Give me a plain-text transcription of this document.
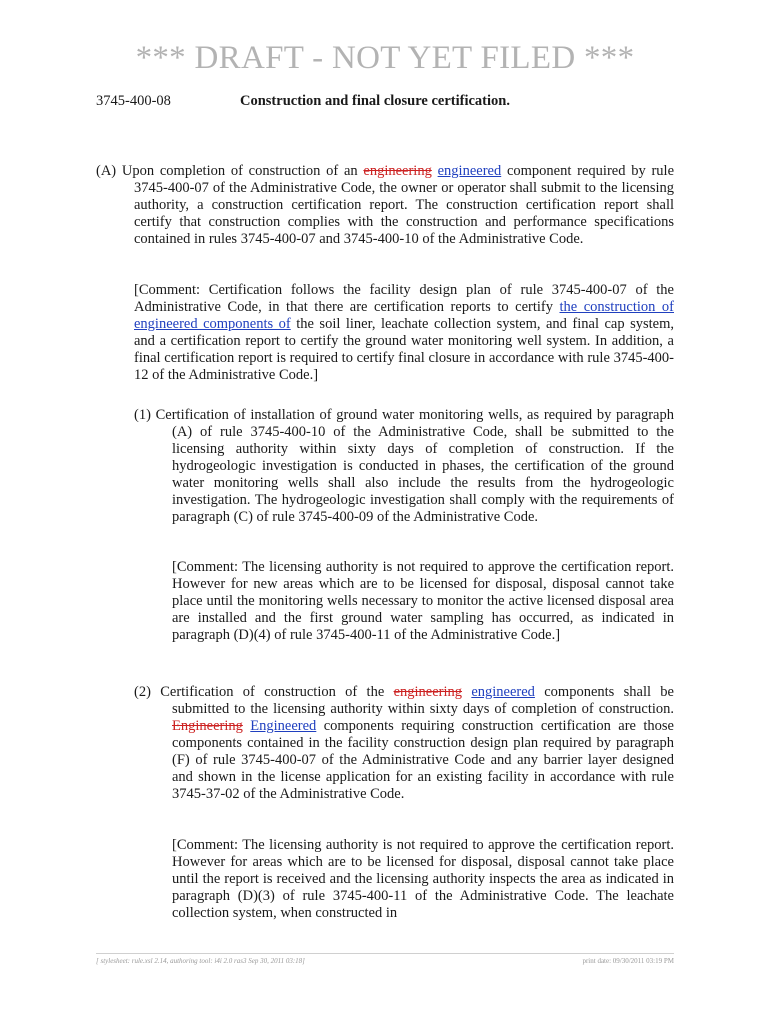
*** DRAFT - NOT YET FILED ***
3745-400-08	Construction and final closure certification.
(A) Upon completion of construction of an engineering engineered component required by rule 3745-400-07 of the Administrative Code, the owner or operator shall submit to the licensing authority, a construction certification report. The construction certification report shall certify that construction complies with the construction and performance specifications contained in rules 3745-400-07 and 3745-400-10 of the Administrative Code.
[Comment: Certification follows the facility design plan of rule 3745-400-07 of the Administrative Code, in that there are certification reports to certify the construction of engineered components of the soil liner, leachate collection system, and final cap system, and a certification report to certify the ground water monitoring well system. In addition, a final certification report is required to certify final closure in accordance with rule 3745-400-12 of the Administrative Code.]
(1) Certification of installation of ground water monitoring wells, as required by paragraph (A) of rule 3745-400-10 of the Administrative Code, shall be submitted to the licensing authority within sixty days of completion of construction. If the hydrogeologic investigation is conducted in phases, the certification of the ground water monitoring wells shall also include the results from the hydrogeologic investigation. The hydrogeologic investigation shall comply with the requirements of paragraph (C) of rule 3745-400-09 of the Administrative Code.
[Comment: The licensing authority is not required to approve the certification report. However for new areas which are to be licensed for disposal, disposal cannot take place until the monitoring wells necessary to monitor the active licensed disposal area are installed and the first ground water sampling has occurred, as indicated in paragraph (D)(4) of rule 3745-400-11 of the Administrative Code.]
(2) Certification of construction of the engineering engineered components shall be submitted to the licensing authority within sixty days of completion of construction. Engineering Engineered components requiring construction certification are those components contained in the facility construction design plan required by paragraph (F) of rule 3745-400-07 of the Administrative Code and any barrier layer designed and shown in the license application for an existing facility in accordance with rule 3745-37-02 of the Administrative Code.
[Comment: The licensing authority is not required to approve the certification report. However for areas which are to be licensed for disposal, disposal cannot take place until the report is received and the licensing authority inspects the area as indicated in paragraph (D)(3) of rule 3745-400-11 of the Administrative Code. The leachate collection system, when constructed in
[ stylesheet: rule.xsl 2.14, authoring tool: i4i 2.0 ras3 Sep 30, 2011 03:18]	print date: 09/30/2011 03:19 PM
